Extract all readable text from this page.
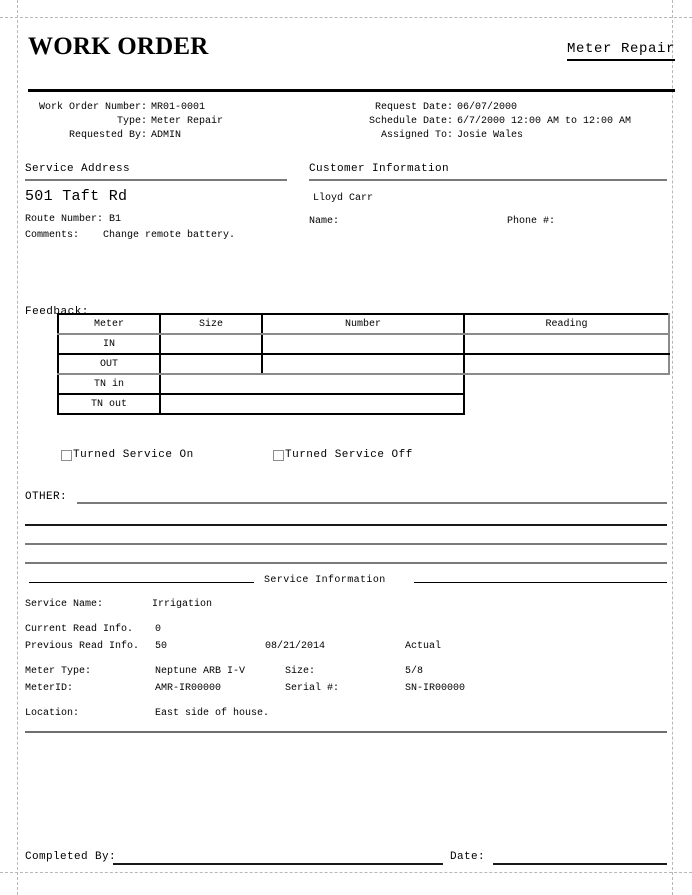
WORK ORDER	Meter Repair
Work Order Number: MR01-0001
Type: Meter Repair
Requested By: ADMIN
Request Date: 06/07/2000
Schedule Date: 6/7/2000 12:00 AM to 12:00 AM
Assigned To: Josie Wales
Service Address
501 Taft Rd
Route Number: B1
Comments: Change remote battery.
Customer Information
Lloyd Carr
Name:	Phone #:
Feedback:
Meter	Size	Number	Reading
IN			
OUT			
TN in			
TN out			
Turned Service On	Turned Service Off
OTHER:
Service Information
Service Name:	Irrigation
Current Read Info. 0
Previous Read Info. 50	08/21/2014	Actual
Meter Type:	Neptune ARB I-V	Size:	5/8
MeterID:	AMR-IR00000	Serial #:	SN-IR00000
Location:	East side of house.
Completed By:	Date:
